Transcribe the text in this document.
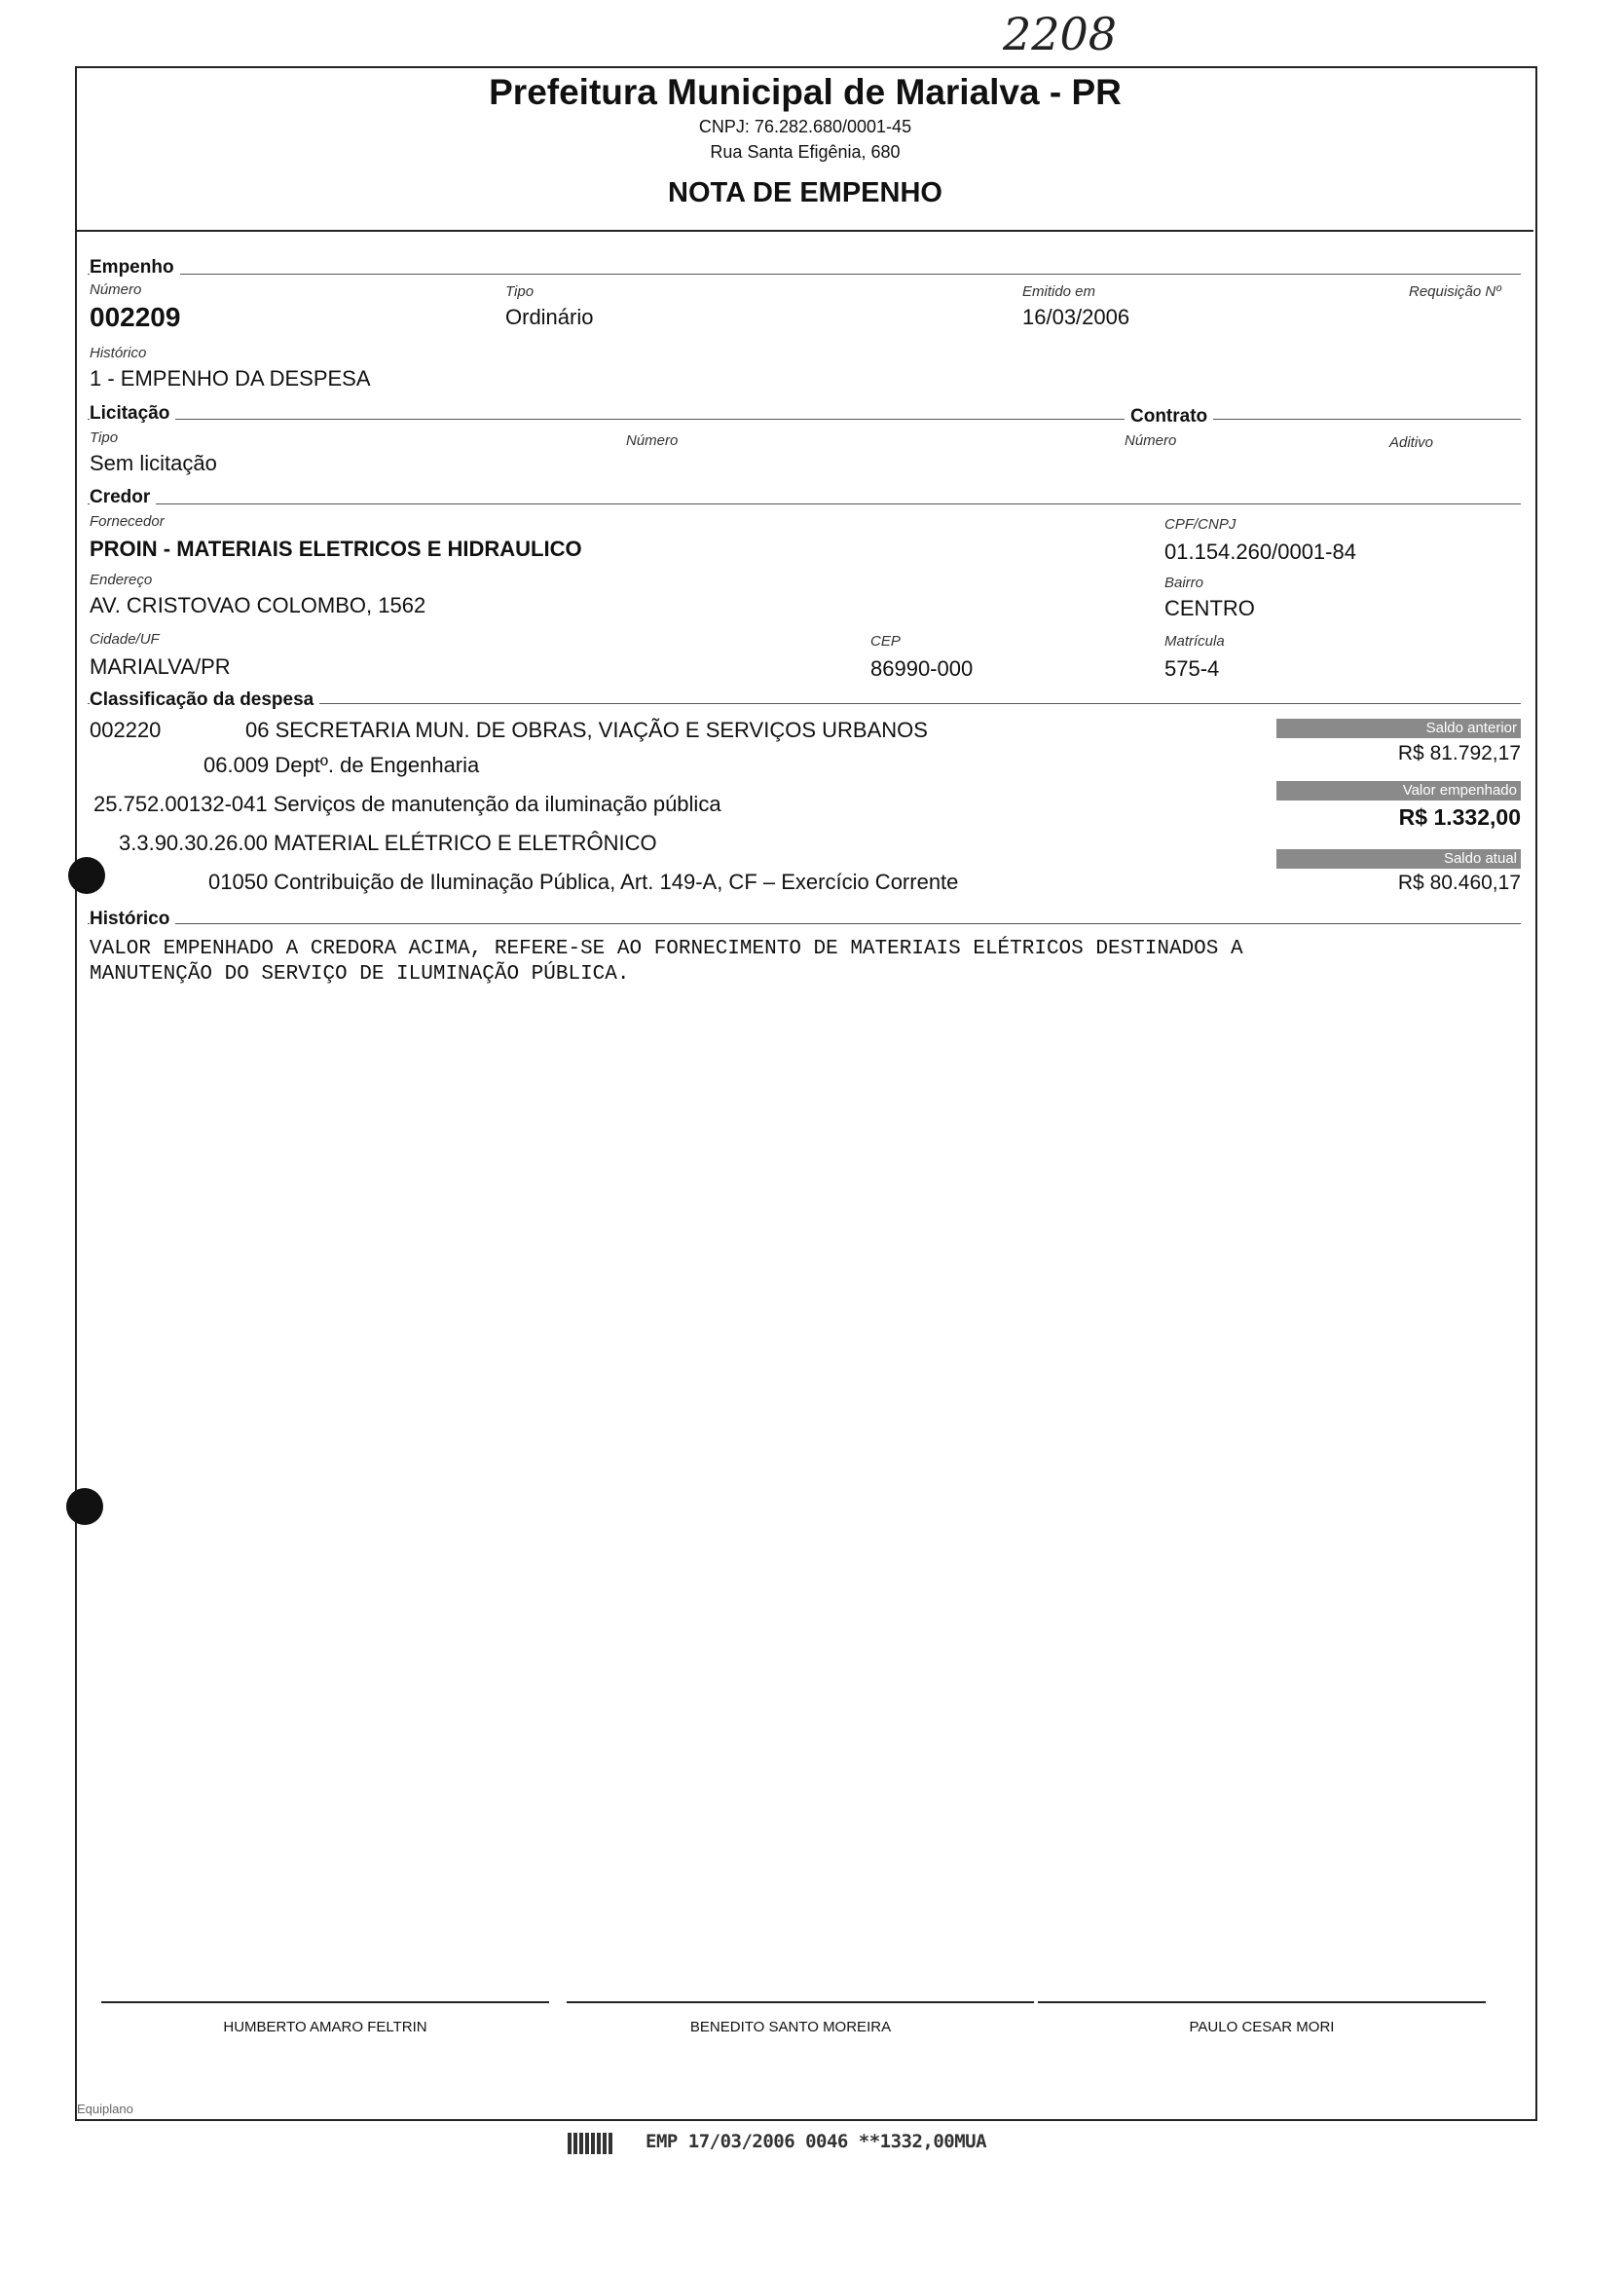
2208
Prefeitura Municipal de Marialva - PR
CNPJ: 76.282.680/0001-45
Rua Santa Efigênia, 680
NOTA DE EMPENHO
Empenho
Número
002209
Tipo
Ordinário
Emitido em
16/03/2006
Requisição Nº
Histórico
1 - EMPENHO DA DESPESA
Licitação	Contrato
Tipo
Sem licitação
Número	Número	Aditivo
Credor
Fornecedor
PROIN - MATERIAIS ELETRICOS E HIDRAULICO
CPF/CNPJ
01.154.260/0001-84
Endereço
AV. CRISTOVAO COLOMBO, 1562
Bairro
CENTRO
Cidade/UF
MARIALVA/PR
CEP
86990-000
Matrícula
575-4
Classificação da despesa
002220	06 SECRETARIA MUN. DE OBRAS, VIAÇÃO E SERVIÇOS URBANOS
06.009 Deptº. de Engenharia
25.752.00132-041 Serviços de manutenção da iluminação pública
3.3.90.30.26.00 MATERIAL ELÉTRICO E ELETRÔNICO
01050 Contribuição de Iluminação Pública, Art. 149-A, CF – Exercício Corrente
Saldo anterior
R$ 81.792,17
Valor empenhado
R$ 1.332,00
Saldo atual
R$ 80.460,17
Histórico
VALOR EMPENHADO A CREDORA ACIMA, REFERE-SE AO FORNECIMENTO DE MATERIAIS ELÉTRICOS DESTINADOS A
MANUTENÇÃO DO SERVIÇO DE ILUMINAÇÃO PÚBLICA.
HUMBERTO AMARO FELTRIN	BENEDITO SANTO MOREIRA	PAULO CESAR MORI
Equiplano
EMP 17/03/2006 0046 **1332,00MUA
